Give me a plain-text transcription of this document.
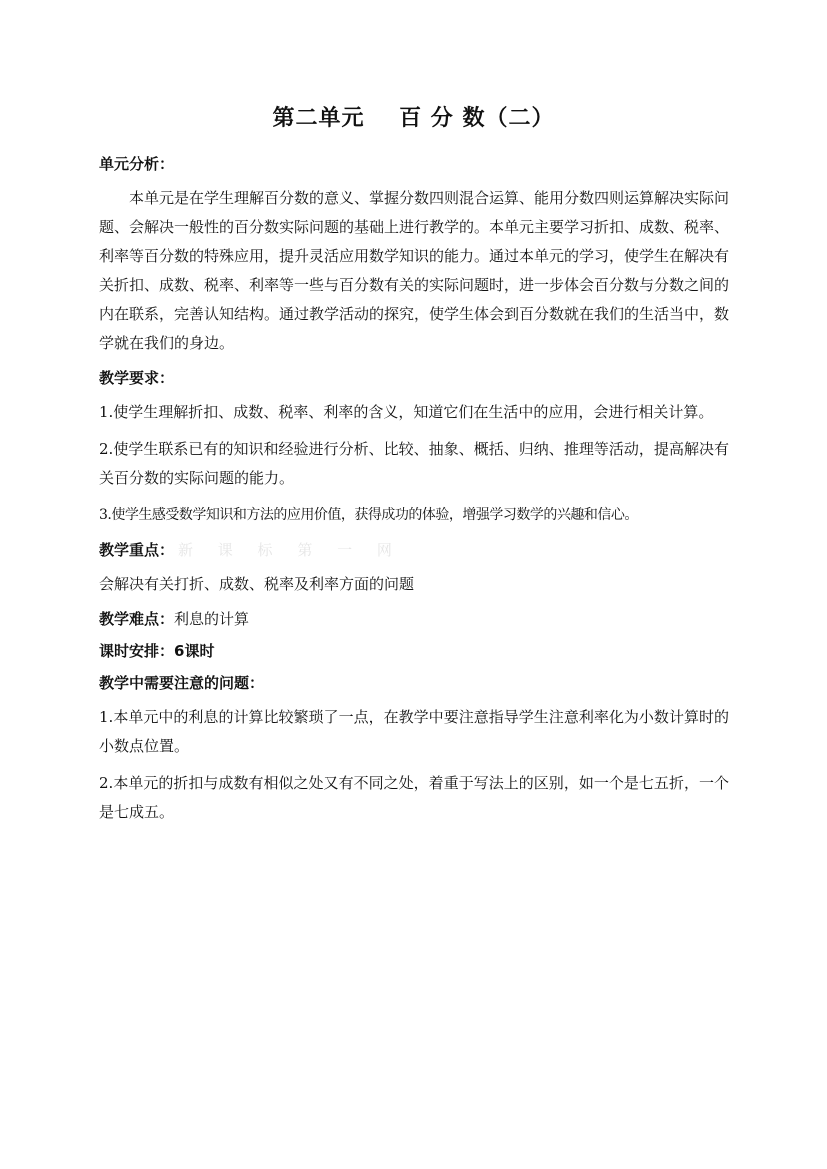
第二单元    百 分 数（二）
单元分析：
本单元是在学生理解百分数的意义、掌握分数四则混合运算、能用分数四则运算解决实际问题、会解决一般性的百分数实际问题的基础上进行教学的。本单元主要学习折扣、成数、税率、利率等百分数的特殊应用，提升灵活应用数学知识的能力。通过本单元的学习，使学生在解决有关折扣、成数、税率、利率等一些与百分数有关的实际问题时，进一步体会百分数与分数之间的内在联系，完善认知结构。通过教学活动的探究，使学生体会到百分数就在我们的生活当中，数学就在我们的身边。
教学要求：
1.使学生理解折扣、成数、税率、利率的含义，知道它们在生活中的应用，会进行相关计算。
2.使学生联系已有的知识和经验进行分析、比较、抽象、概括、归纳、推理等活动，提高解决有关百分数的实际问题的能力。
3.使学生感受数学知识和方法的应用价值，获得成功的体验，增强学习数学的兴趣和信心。
教学重点： 新 课 标 第 一 网
会解决有关打折、成数、税率及利率方面的问题
教学难点：利息的计算
课时安排：6课时
教学中需要注意的问题：
1.本单元中的利息的计算比较繁琐了一点，在教学中要注意指导学生注意利率化为小数计算时的小数点位置。
2.本单元的折扣与成数有相似之处又有不同之处，着重于写法上的区别，如一个是七五折，一个是七成五。
